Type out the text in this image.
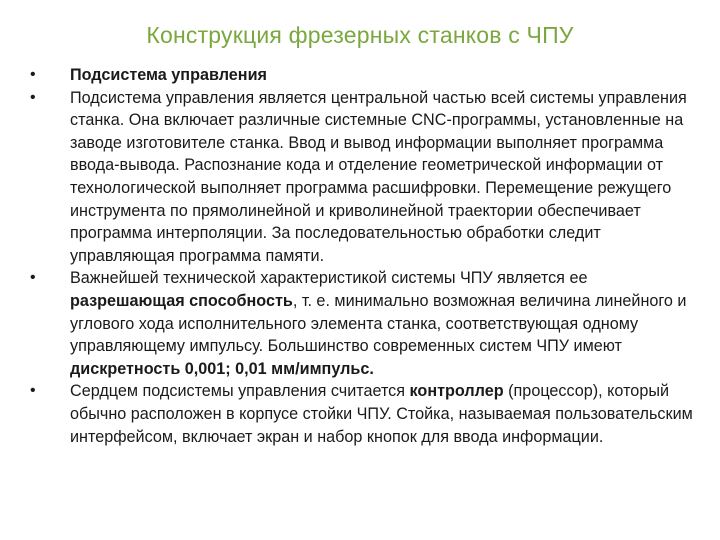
Конструкция фрезерных станков с ЧПУ
•	Подсистема управления
•	Подсистема управления является центральной частью всей системы управления станка. Она включает различные системные CNC-программы, установленные на заводе изготовителе станка. Ввод и вывод информации выполняет программа ввода-вывода. Распознание кода и отделение геометрической информации от технологической выполняет программа расшифровки. Перемещение режущего инструмента по прямолинейной и криволинейной траектории обеспечивает программа интерполяции. За последовательностью обработки следит управляющая программа памяти.
•	Важнейшей технической характеристикой системы ЧПУ является ее разрешающая способность, т. е. минимально возможная величина линейного и углового хода исполнительного элемента станка, соответствующая одному управляющему импульсу. Большинство современных систем ЧПУ имеют дискретность 0,001; 0,01 мм/импульс.
•	Сердцем подсистемы управления считается контроллер (процессор), который обычно расположен в корпусе стойки ЧПУ. Стойка, называемая пользовательским интерфейсом, включает экран и набор кнопок для ввода информации.
